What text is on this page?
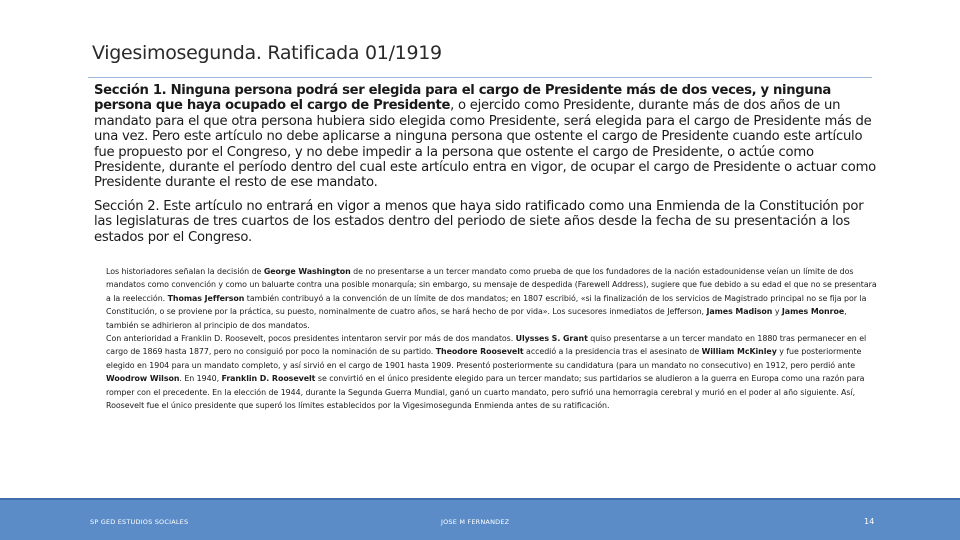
Vigesimosegunda. Ratificada 01/1919

Sección 1. Ninguna persona podrá ser elegida para el cargo de Presidente más de dos veces, y ninguna persona que haya ocupado el cargo de Presidente, o ejercido como Presidente, durante más de dos años de un mandato para el que otra persona hubiera sido elegida como Presidente, será elegida para el cargo de Presidente más de una vez. Pero este artículo no debe aplicarse a ninguna persona que ostente el cargo de Presidente cuando este artículo fue propuesto por el Congreso, y no debe impedir a la persona que ostente el cargo de Presidente, o actúe como Presidente, durante el período dentro del cual este artículo entra en vigor, de ocupar el cargo de Presidente o actuar como Presidente durante el resto de ese mandato.

Sección 2. Este artículo no entrará en vigor a menos que haya sido ratificado como una Enmienda de la Constitución por las legislaturas de tres cuartos de los estados dentro del periodo de siete años desde la fecha de su presentación a los estados por el Congreso.

Los historiadores señalan la decisión de George Washington de no presentarse a un tercer mandato como prueba de que los fundadores de la nación estadounidense veían un límite de dos mandatos como convención y como un baluarte contra una posible monarquía; sin embargo, su mensaje de despedida (Farewell Address), sugiere que fue debido a su edad el que no se presentara a la reelección. Thomas Jefferson también contribuyó a la convención de un límite de dos mandatos; en 1807 escribió, «si la finalización de los servicios de Magistrado principal no se fija por la Constitución, o se proviene por la práctica, su puesto, nominalmente de cuatro años, se hará hecho de por vida». Los sucesores inmediatos de Jefferson, James Madison y James Monroe, también se adhirieron al principio de dos mandatos.

Con anterioridad a Franklin D. Roosevelt, pocos presidentes intentaron servir por más de dos mandatos. Ulysses S. Grant quiso presentarse a un tercer mandato en 1880 tras permanecer en el cargo de 1869 hasta 1877, pero no consiguió por poco la nominación de su partido. Theodore Roosevelt accedió a la presidencia tras el asesinato de William McKinley y fue posteriormente elegido en 1904 para un mandato completo, y así sirvió en el cargo de 1901 hasta 1909. Presentó posteriormente su candidatura (para un mandato no consecutivo) en 1912, pero perdió ante Woodrow Wilson. En 1940, Franklin D. Roosevelt se convirtió en el único presidente elegido para un tercer mandato; sus partidarios se aludieron a la guerra en Europa como una razón para romper con el precedente. En la elección de 1944, durante la Segunda Guerra Mundial, ganó un cuarto mandato, pero sufrió una hemorragia cerebral y murió en el poder al año siguiente. Así, Roosevelt fue el único presidente que superó los límites establecidos por la Vigesimosegunda Enmienda antes de su ratificación.

SP GED ESTUDIOS SOCIALES	JOSE M FERNANDEZ	14
